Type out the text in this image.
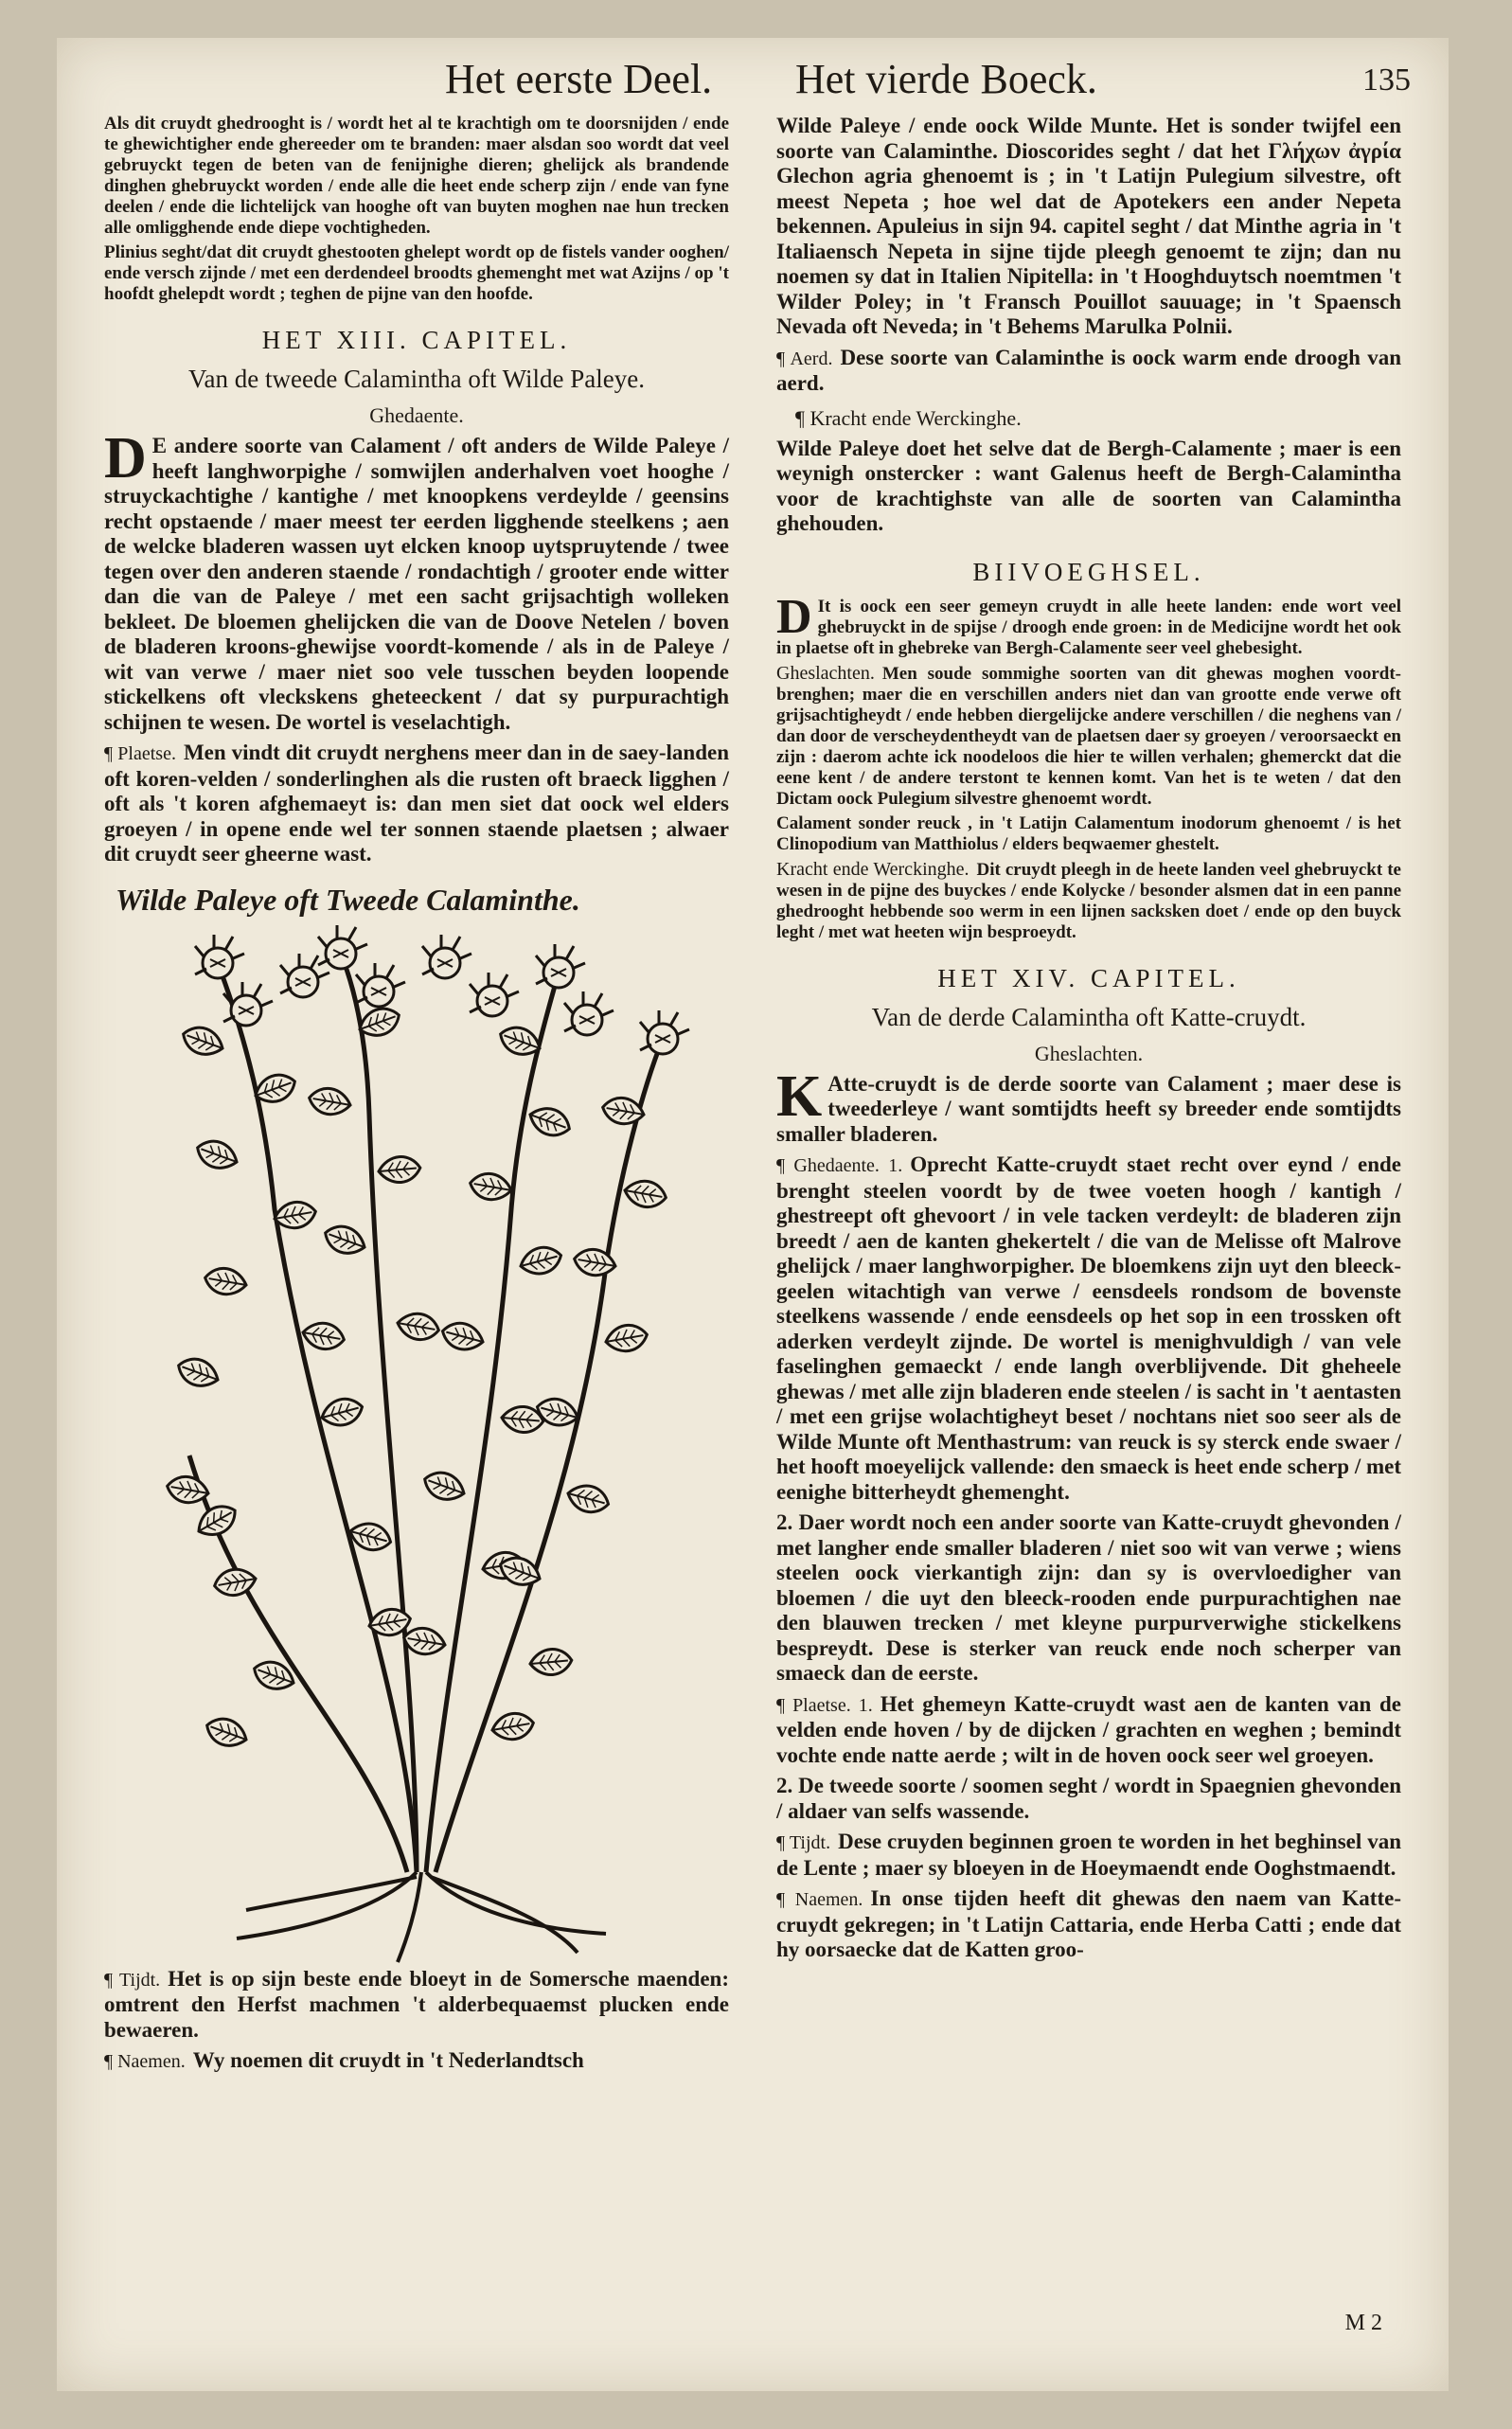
Het eerste Deel. Het vierde Boeck.	135

Als dit cruydt ghedrooght is / wordt het al te krachtigh om te doorsnijden / ende te ghewichtigher ende ghereeder om te branden: maer alsdan soo wordt dat veel gebruyckt tegen de beten van de fenijnighe dieren; ghelijck als brandende dinghen ghebruyckt worden / ende alle die heet ende scherp zijn / ende van fyne deelen / ende die lichtelijck van hooghe oft van buyten moghen nae hun trecken alle omligghende ende diepe vochtigheden.

Plinius seght/dat dit cruydt ghestooten ghelept wordt op de fistels vander ooghen/ ende versch zijnde / met een derdendeel broodts ghemenght met wat Azijns / op 't hoofdt ghelepdt wordt ; teghen de pijne van den hoofde.

HET XIII. CAPITEL.
Van de tweede Calamintha oft Wilde Paleye.
Ghedaente.

D E andere soorte van Calament / oft anders de Wilde Paleye / heeft langhworpighe / somwijlen anderhalven voet hooghe / struyckachtighe / kantighe / met knoopkens verdeylde / geensins recht opstaende / maer meest ter eerden ligghende steelkens ; aen de welcke bladeren wassen uyt elcken knoop uytspruytende / twee tegen over den anderen staende / rondachtigh / grooter ende witter dan die van de Paleye / met een sacht grijsachtigh wolleken bekleet. De bloemen ghelijcken die van de Doove Netelen / boven de bladeren kroons-ghewijse voordt-komende / als in de Paleye / wit van verwe / maer niet soo vele tusschen beyden loopende stickelkens oft vleckskens gheteeckent / dat sy purpurachtigh schijnen te wesen. De wortel is veselachtigh.

¶ Plaetse. Men vindt dit cruydt nerghens meer dan in de saey-landen oft koren-velden / sonderlinghen als die rusten oft braeck ligghen / oft als 't koren afghemaeyt is: dan men siet dat oock wel elders groeyen / in opene ende wel ter sonnen staende plaetsen ; alwaer dit cruydt seer gheerne wast.

Wilde Paleye oft Tweede Calaminthe.

¶ Tijdt. Het is op sijn beste ende bloeyt in de Somersche maenden: omtrent den Herfst machmen 't alderbequaemst plucken ende bewaeren.

¶ Naemen. Wy noemen dit cruydt in 't Nederlandtsch

Wilde Paleye / ende oock Wilde Munte. Het is sonder twijfel een soorte van Calaminthe. Dioscorides seght / dat het Γλήχων ἀγρία Glechon agria ghenoemt is ; in 't Latijn Pulegium silvestre, oft meest Nepeta ; hoe wel dat de Apotekers een ander Nepeta bekennen. Apuleius in sijn 94. capitel seght / dat Minthe agria in 't Italiaensch Nepeta in sijne tijde pleegh genoemt te zijn; dan nu noemen sy dat in Italien Nipitella: in 't Hooghduytsch noemtmen 't Wilder Poley; in 't Fransch Pouillot sauuage; in 't Spaensch Nevada oft Neveda; in 't Behems Marulka Polnii.

¶ Aerd. Dese soorte van Calaminthe is oock warm ende droogh van aerd.

¶ Kracht ende Werckinghe.

Wilde Paleye doet het selve dat de Bergh-Calamente ; maer is een weynigh onstercker : want Galenus heeft de Bergh-Calamintha voor de krachtighste van alle de soorten van Calamintha ghehouden.

BIIVOEGHSEL.

D It is oock een seer gemeyn cruydt in alle heete landen: ende wort veel ghebruyckt in de spijse / droogh ende groen: in de Medicijne wordt het ook in plaetse oft in ghebreke van Bergh-Calamente seer veel ghebesight.

Gheslachten. Men soude sommighe soorten van dit ghewas moghen voordt-brenghen; maer die en verschillen anders niet dan van grootte ende verwe oft grijsachtigheydt / ende hebben diergelijcke andere verschillen / die neghens van / dan door de verscheydentheydt van de plaetsen daer sy groeyen / veroorsaeckt en zijn : daerom achte ick noodeloos die hier te willen verhalen; ghemerckt dat die eene kent / de andere terstont te kennen komt. Van het is te weten / dat den Dictam oock Pulegium silvestre ghenoemt wordt.

Calament sonder reuck , in 't Latijn Calamentum inodorum ghenoemt / is het Clinopodium van Matthiolus / elders beqwaemer ghestelt.

Kracht ende Werckinghe. Dit cruydt pleegh in de heete landen veel ghebruyckt te wesen in de pijne des buyckes / ende Kolycke / besonder alsmen dat in een panne ghedrooght hebbende soo werm in een lijnen sacksken doet / ende op den buyck leght / met wat heeten wijn besproeydt.

HET XIV. CAPITEL.
Van de derde Calamintha oft Katte-cruydt.
Gheslachten.

K Atte-cruydt is de derde soorte van Calament ; maer dese is tweederleye / want somtijdts heeft sy breeder ende somtijdts smaller bladeren.

¶ Ghedaente. 1. Oprecht Katte-cruydt staet recht over eynd / ende brenght steelen voordt by de twee voeten hoogh / kantigh / ghestreept oft ghevoort / in vele tacken verdeylt: de bladeren zijn breedt / aen de kanten ghekertelt / die van de Melisse oft Malrove ghelijck / maer langhworpigher. De bloemkens zijn uyt den bleeck-geelen witachtigh van verwe / eensdeels rondsom de bovenste steelkens wassende / ende eensdeels op het sop in een trossken oft aderken verdeylt zijnde. De wortel is menighvuldigh / van vele faselinghen gemaeckt / ende langh overblijvende. Dit gheheele ghewas / met alle zijn bladeren ende steelen / is sacht in 't aentasten / met een grijse wolachtigheyt beset / nochtans niet soo seer als de Wilde Munte oft Menthastrum: van reuck is sy sterck ende swaer / het hooft moeyelijck vallende: den smaeck is heet ende scherp / met eenighe bitterheydt ghemenght.

2. Daer wordt noch een ander soorte van Katte-cruydt ghevonden / met langher ende smaller bladeren / niet soo wit van verwe ; wiens steelen oock vierkantigh zijn: dan sy is overvloedigher van bloemen / die uyt den bleeck-rooden ende purpurachtighen nae den blauwen trecken / met kleyne purpurverwighe stickelkens bespreydt. Dese is sterker van reuck ende noch scherper van smaeck dan de eerste.

¶ Plaetse. 1. Het ghemeyn Katte-cruydt wast aen de kanten van de velden ende hoven / by de dijcken / grachten en weghen ; bemindt vochte ende natte aerde ; wilt in de hoven oock seer wel groeyen.

2. De tweede soorte / soomen seght / wordt in Spaegnien ghevonden / aldaer van selfs wassende.

¶ Tijdt. Dese cruyden beginnen groen te worden in het beghinsel van de Lente ; maer sy bloeyen in de Hoeymaendt ende Ooghstmaendt.

¶ Naemen. In onse tijden heeft dit ghewas den naem van Katte-cruydt gekregen; in 't Latijn Cattaria, ende Herba Catti ; ende dat hy oorsaecke dat de Katten groo-

M 2
